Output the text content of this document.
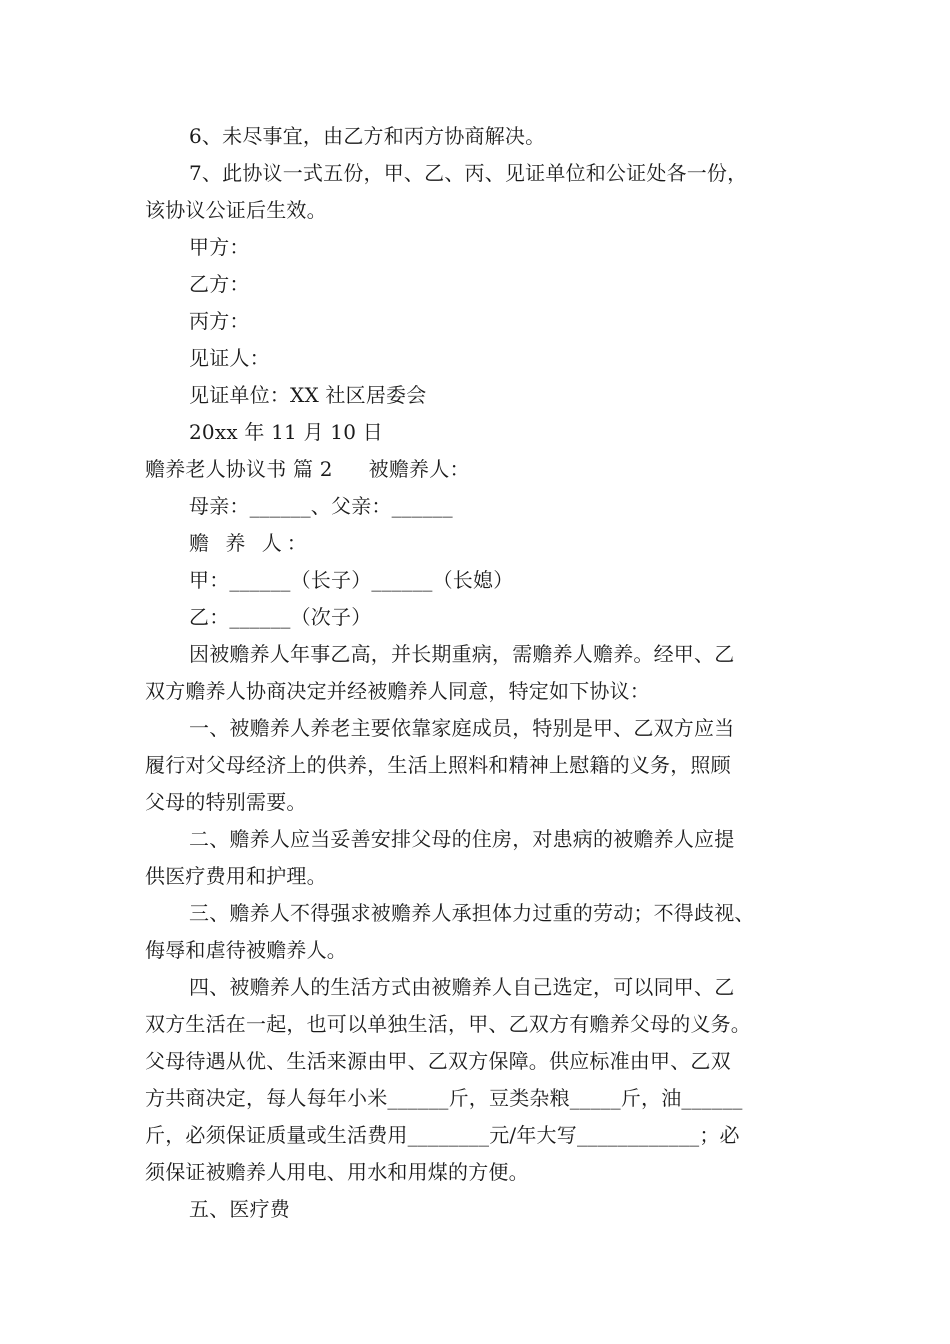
6、未尽事宜，由乙方和丙方协商解决。
7、此协议一式五份，甲、乙、丙、见证单位和公证处各一份，
该协议公证后生效。
甲方：
乙方：
丙方：
见证人：
见证单位：XX 社区居委会
20xx 年 11 月 10 日
赡养老人协议书 篇 2 被赡养人：
母亲：______、父亲：______
赡 养 人：
甲：______（长子）______（长媳）
乙：______（次子）
因被赡养人年事乙高，并长期重病，需赡养人赡养。经甲、乙
双方赡养人协商决定并经被赡养人同意，特定如下协议：
一、被赡养人养老主要依靠家庭成员，特别是甲、乙双方应当
履行对父母经济上的供养，生活上照料和精神上慰籍的义务，照顾
父母的特别需要。
二、赡养人应当妥善安排父母的住房，对患病的被赡养人应提
供医疗费用和护理。
三、赡养人不得强求被赡养人承担体力过重的劳动；不得歧视、
侮辱和虐待被赡养人。
四、被赡养人的生活方式由被赡养人自己选定，可以同甲、乙
双方生活在一起，也可以单独生活，甲、乙双方有赡养父母的义务。
父母待遇从优、生活来源由甲、乙双方保障。供应标准由甲、乙双
方共商决定，每人每年小米______斤，豆类杂粮_____斤，油______
斤，必须保证质量或生活费用________元/年大写____________；必
须保证被赡养人用电、用水和用煤的方便。
五、医疗费
